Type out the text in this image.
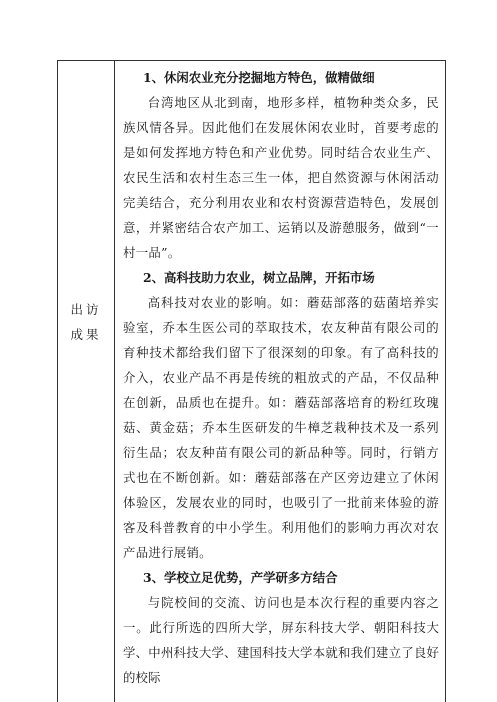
出访
成果
1、休闲农业充分挖掘地方特色，做精做细
台湾地区从北到南，地形多样，植物种类众多，民族风情各异。因此他们在发展休闲农业时，首要考虑的是如何发挥地方特色和产业优势。同时结合农业生产、农民生活和农村生态三生一体，把自然资源与休闲活动完美结合，充分利用农业和农村资源营造特色，发展创意，并紧密结合农产加工、运销以及游憩服务，做到“一村一品”。
2、高科技助力农业，树立品牌，开拓市场
高科技对农业的影响。如：蘑菇部落的菇菌培养实验室，乔本生医公司的萃取技术，农友种苗有限公司的育种技术都给我们留下了很深刻的印象。有了高科技的介入，农业产品不再是传统的粗放式的产品，不仅品种在创新，品质也在提升。如：蘑菇部落培育的粉红玫瑰菇、黄金菇；乔本生医研发的牛樟芝栽种技术及一系列衍生品；农友种苗有限公司的新品种等。同时，行销方式也在不断创新。如：蘑菇部落在产区旁边建立了休闲体验区，发展农业的同时，也吸引了一批前来体验的游客及科普教育的中小学生。利用他们的影响力再次对农产品进行展销。
3、学校立足优势，产学研多方结合
与院校间的交流、访问也是本次行程的重要内容之一。此行所选的四所大学，屏东科技大学、朝阳科技大学、中州科技大学、建国科技大学本就和我们建立了良好的校际
